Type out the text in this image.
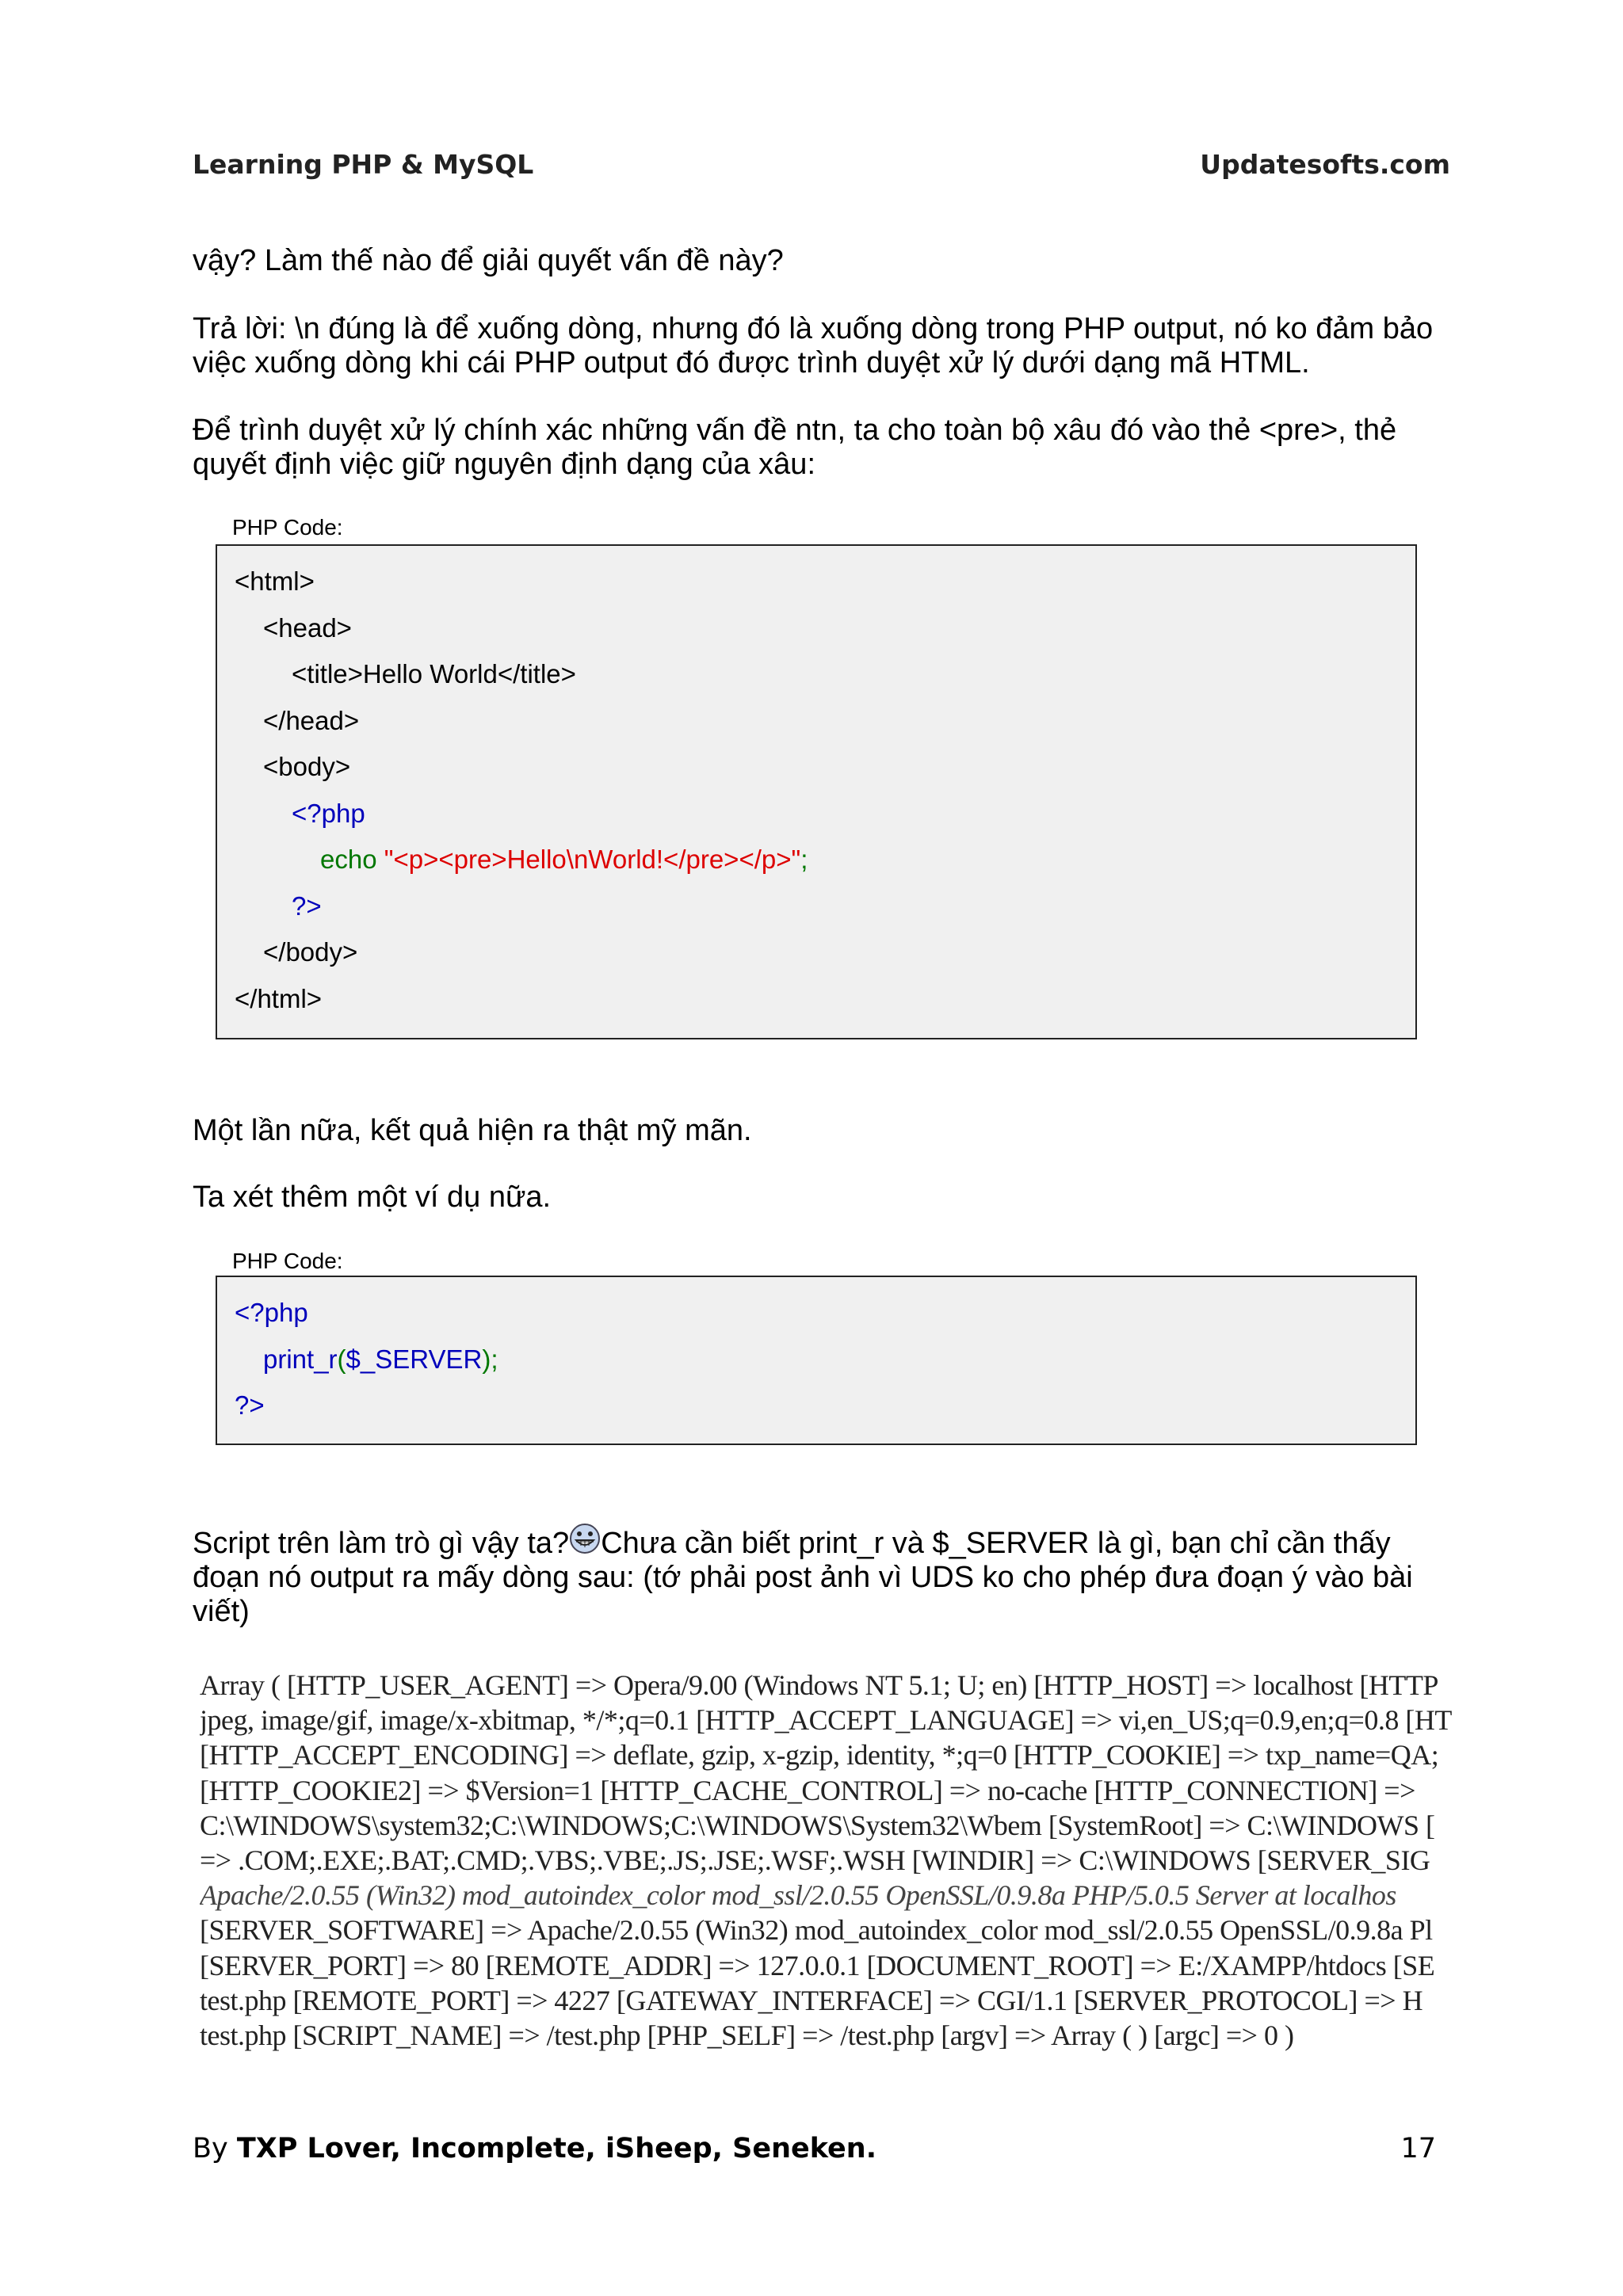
Learning PHP & MySQL	Updatesofts.com

vậy? Làm thế nào để giải quyết vấn đề này?

Trả lời: \n đúng là để xuống dòng, nhưng đó là xuống dòng trong PHP output, nó ko đảm bảo việc xuống dòng khi cái PHP output đó được trình duyệt xử lý dưới dạng mã HTML.

Để trình duyệt xử lý chính xác những vấn đề ntn, ta cho toàn bộ xâu đó vào thẻ <pre>, thẻ quyết định việc giữ nguyên định dạng của xâu:

PHP Code:
<html>
<head>
<title>Hello World</title>
</head>
<body>
<?php
echo "<p><pre>Hello\nWorld!</pre></p>";
?>
</body>
</html>

Một lần nữa, kết quả hiện ra thật mỹ mãn.

Ta xét thêm một ví dụ nữa.

PHP Code:
<?php
print_r($_SERVER);
?>

Script trên làm trò gì vậy ta? Chưa cần biết print_r và $_SERVER là gì, bạn chỉ cần thấy đoạn nó output ra mấy dòng sau: (tớ phải post ảnh vì UDS ko cho phép đưa đoạn ý vào bài viết)

Array ( [HTTP_USER_AGENT] => Opera/9.00 (Windows NT 5.1; U; en) [HTTP_HOST] => localhost [HTTP
jpeg, image/gif, image/x-xbitmap, */*;q=0.1 [HTTP_ACCEPT_LANGUAGE] => vi,en_US;q=0.9,en;q=0.8 [HT
[HTTP_ACCEPT_ENCODING] => deflate, gzip, x-gzip, identity, *;q=0 [HTTP_COOKIE] => txp_name=QA;
[HTTP_COOKIE2] => $Version=1 [HTTP_CACHE_CONTROL] => no-cache [HTTP_CONNECTION] =>
C:\WINDOWS\system32;C:\WINDOWS;C:\WINDOWS\System32\Wbem [SystemRoot] => C:\WINDOWS [
=> .COM;.EXE;.BAT;.CMD;.VBS;.VBE;.JS;.JSE;.WSF;.WSH [WINDIR] => C:\WINDOWS [SERVER_SIG
Apache/2.0.55 (Win32) mod_autoindex_color mod_ssl/2.0.55 OpenSSL/0.9.8a PHP/5.0.5 Server at localhos
[SERVER_SOFTWARE] => Apache/2.0.55 (Win32) mod_autoindex_color mod_ssl/2.0.55 OpenSSL/0.9.8a Pl
[SERVER_PORT] => 80 [REMOTE_ADDR] => 127.0.0.1 [DOCUMENT_ROOT] => E:/XAMPP/htdocs [SE
test.php [REMOTE_PORT] => 4227 [GATEWAY_INTERFACE] => CGI/1.1 [SERVER_PROTOCOL] => H
test.php [SCRIPT_NAME] => /test.php [PHP_SELF] => /test.php [argv] => Array ( ) [argc] => 0 )
By TXP Lover, Incomplete, iSheep, Seneken.	17
